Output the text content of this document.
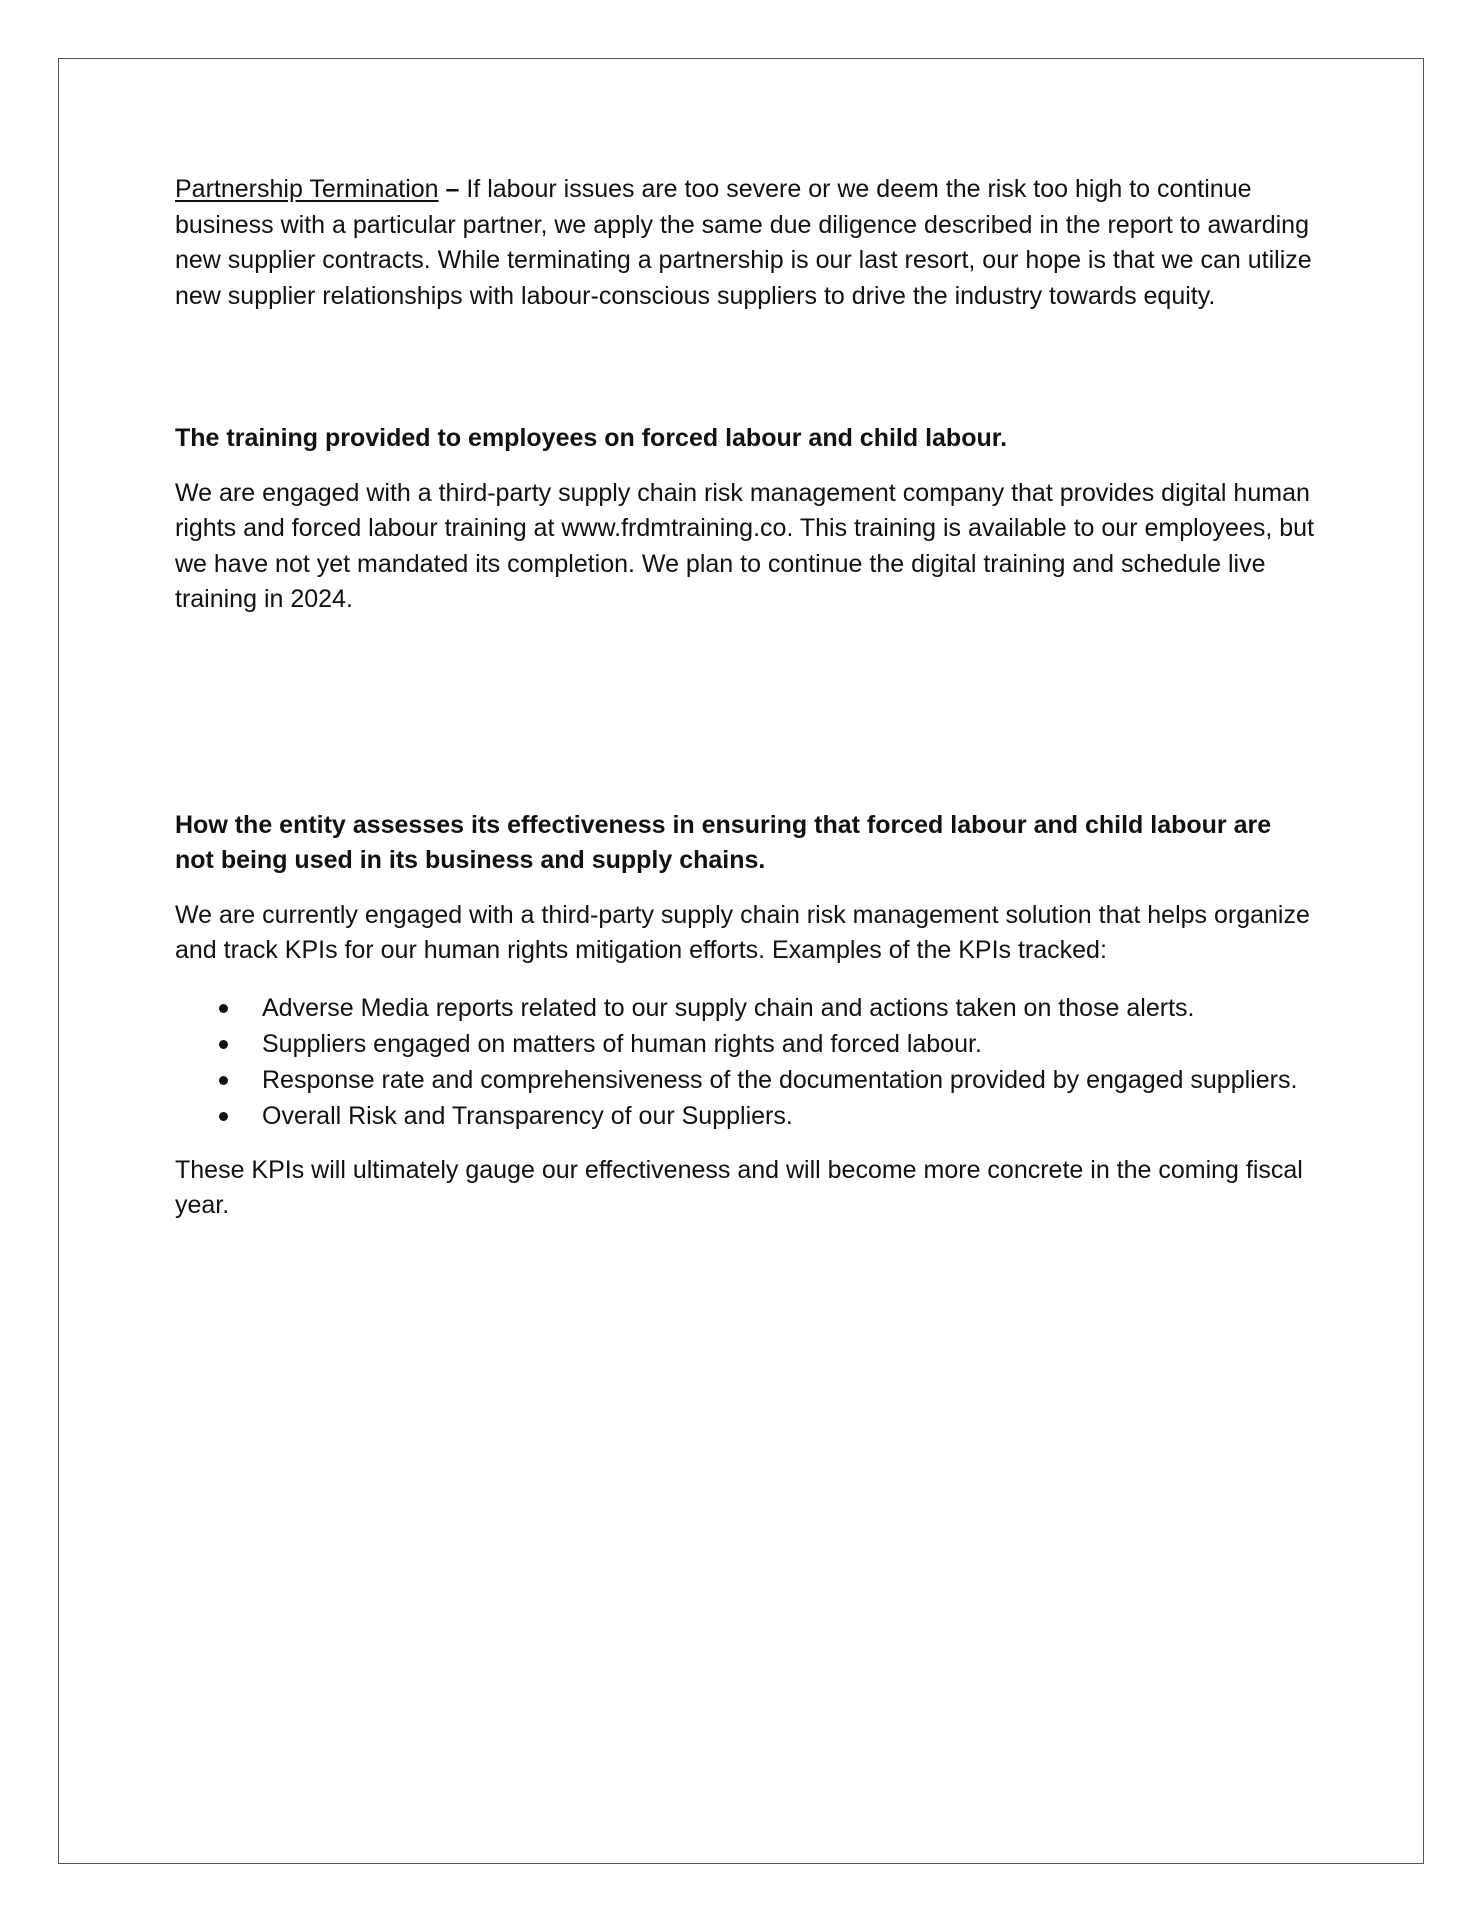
Partnership Termination – If labour issues are too severe or we deem the risk too high to continue business with a particular partner, we apply the same due diligence described in the report to awarding new supplier contracts. While terminating a partnership is our last resort, our hope is that we can utilize new supplier relationships with labour-conscious suppliers to drive the industry towards equity.

The training provided to employees on forced labour and child labour.

We are engaged with a third-party supply chain risk management company that provides digital human rights and forced labour training at www.frdmtraining.co. This training is available to our employees, but we have not yet mandated its completion. We plan to continue the digital training and schedule live training in 2024.

How the entity assesses its effectiveness in ensuring that forced labour and child labour are not being used in its business and supply chains.

We are currently engaged with a third-party supply chain risk management solution that helps organize and track KPIs for our human rights mitigation efforts. Examples of the KPIs tracked:

Adverse Media reports related to our supply chain and actions taken on those alerts.
Suppliers engaged on matters of human rights and forced labour.
Response rate and comprehensiveness of the documentation provided by engaged suppliers.
Overall Risk and Transparency of our Suppliers.

These KPIs will ultimately gauge our effectiveness and will become more concrete in the coming fiscal year.
